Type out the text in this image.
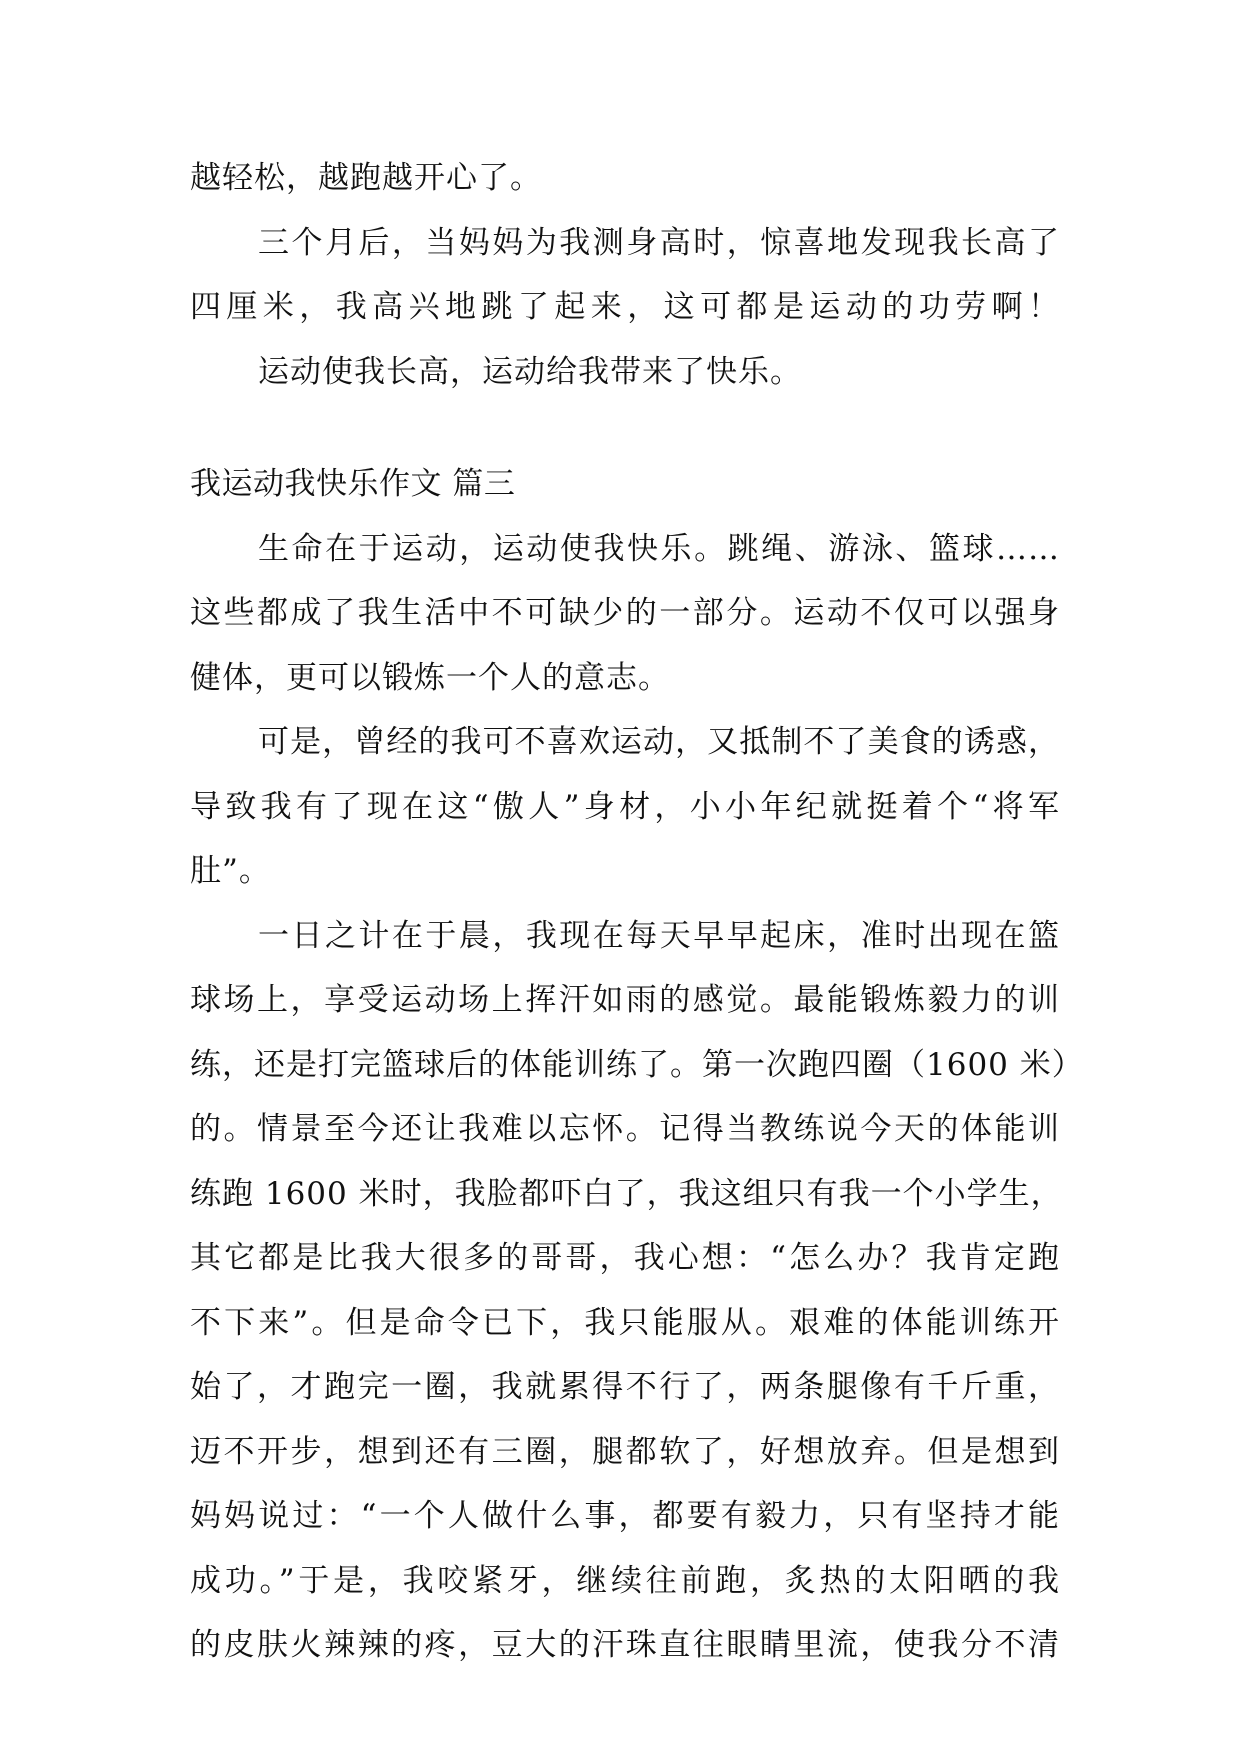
越轻松，越跑越开心了。
三个月后，当妈妈为我测身高时，惊喜地发现我长高了
四厘米，我高兴地跳了起来，这可都是运动的功劳啊！
运动使我长高，运动给我带来了快乐。
我运动我快乐作文 篇三
生命在于运动，运动使我快乐。跳绳、游泳、篮球……
这些都成了我生活中不可缺少的一部分。运动不仅可以强身
健体，更可以锻炼一个人的意志。
可是，曾经的我可不喜欢运动，又抵制不了美食的诱惑，
导致我有了现在这“傲人”身材，小小年纪就挺着个“将军
肚”。
一日之计在于晨，我现在每天早早起床，准时出现在篮
球场上，享受运动场上挥汗如雨的感觉。最能锻炼毅力的训
练，还是打完篮球后的体能训练了。第一次跑四圈（1600 米）
的。情景至今还让我难以忘怀。记得当教练说今天的体能训
练跑 1600 米时，我脸都吓白了，我这组只有我一个小学生，
其它都是比我大很多的哥哥，我心想：“怎么办？我肯定跑
不下来”。但是命令已下，我只能服从。艰难的体能训练开
始了，才跑完一圈，我就累得不行了，两条腿像有千斤重，
迈不开步，想到还有三圈，腿都软了，好想放弃。但是想到
妈妈说过：“一个人做什么事，都要有毅力，只有坚持才能
成功。”于是，我咬紧牙，继续往前跑，炙热的太阳晒的我
的皮肤火辣辣的疼，豆大的汗珠直往眼睛里流，使我分不清
